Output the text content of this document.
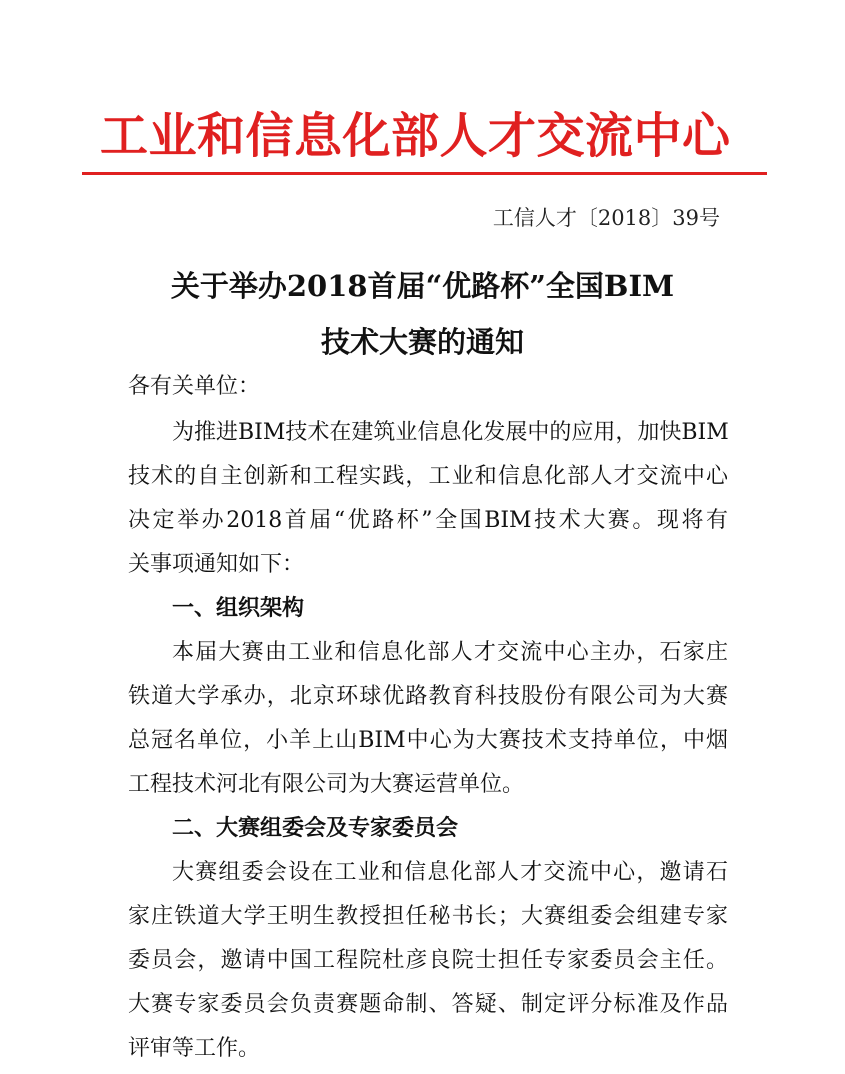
工业和信息化部人才交流中心
工信人才〔2018〕39号
关于举办2018首届“优路杯”全国BIM
技术大赛的通知
各有关单位：
为推进BIM技术在建筑业信息化发展中的应用，加快BIM
技术的自主创新和工程实践，工业和信息化部人才交流中心
决定举办2018首届“优路杯”全国BIM技术大赛。现将有
关事项通知如下：
一、组织架构
本届大赛由工业和信息化部人才交流中心主办，石家庄
铁道大学承办，北京环球优路教育科技股份有限公司为大赛
总冠名单位，小羊上山BIM中心为大赛技术支持单位，中烟
工程技术河北有限公司为大赛运营单位。
二、大赛组委会及专家委员会
大赛组委会设在工业和信息化部人才交流中心，邀请石
家庄铁道大学王明生教授担任秘书长；大赛组委会组建专家
委员会，邀请中国工程院杜彦良院士担任专家委员会主任。
大赛专家委员会负责赛题命制、答疑、制定评分标准及作品
评审等工作。
